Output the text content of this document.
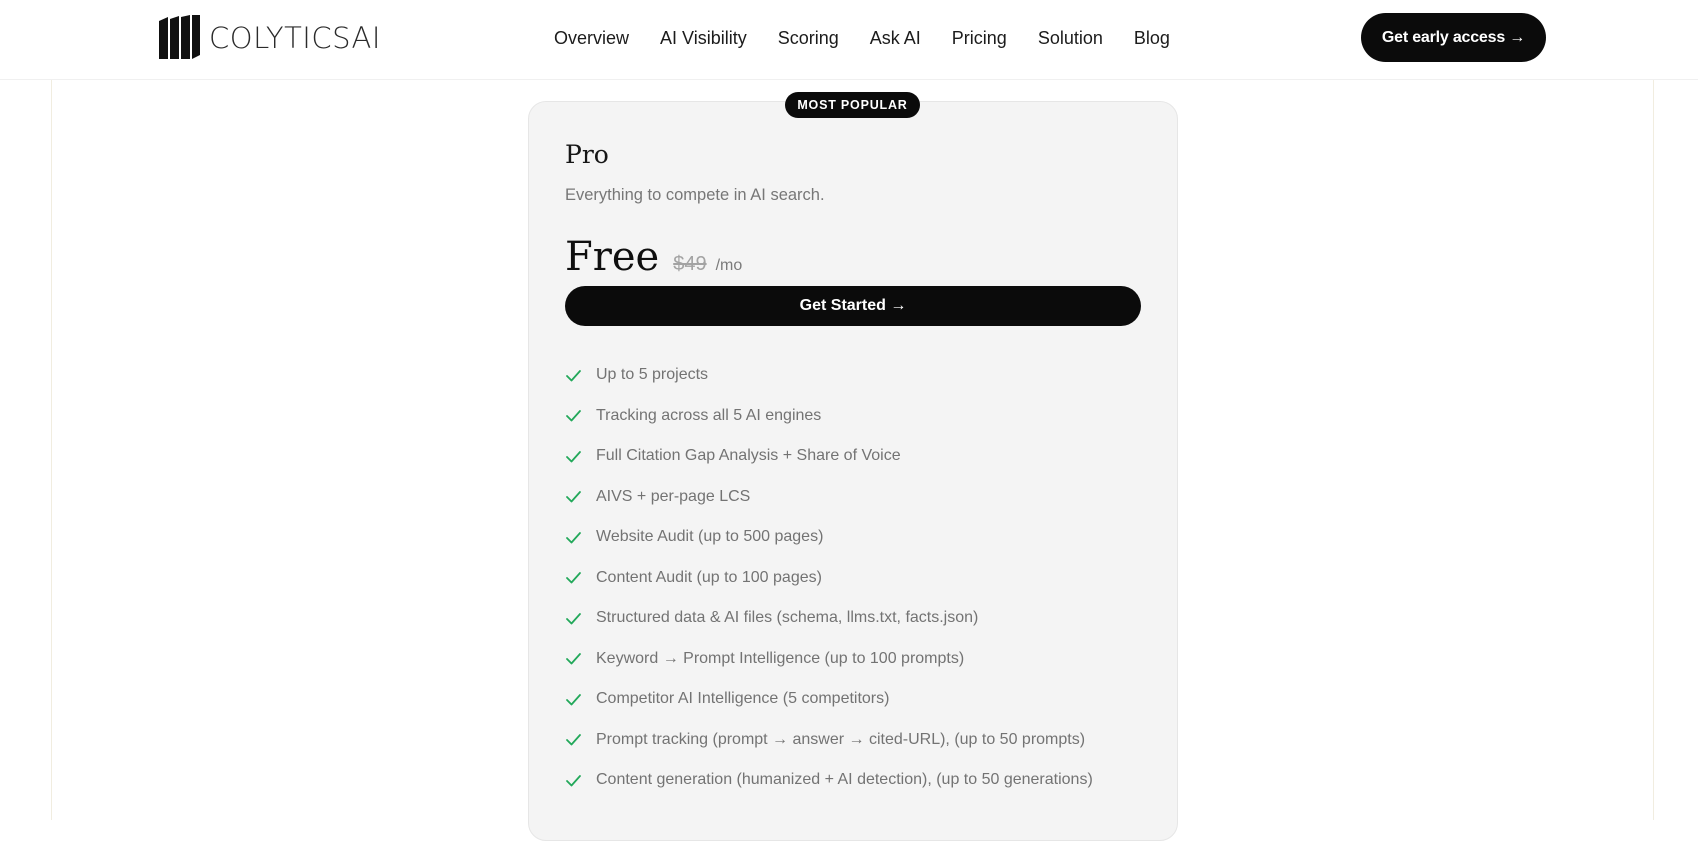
COLYTICSAI	Overview AI Visibility Scoring Ask AI Pricing Solution Blog	Get early access →
MOST POPULAR
Pro
Everything to compete in AI search.
Free $49 /mo
Get Started →
Up to 5 projects
Tracking across all 5 AI engines
Full Citation Gap Analysis + Share of Voice
AIVS + per-page LCS
Website Audit (up to 500 pages)
Content Audit (up to 100 pages)
Structured data & AI files (schema, llms.txt, facts.json)
Keyword → Prompt Intelligence (up to 100 prompts)
Competitor AI Intelligence (5 competitors)
Prompt tracking (prompt → answer → cited-URL), (up to 50 prompts)
Content generation (humanized + AI detection), (up to 50 generations)
